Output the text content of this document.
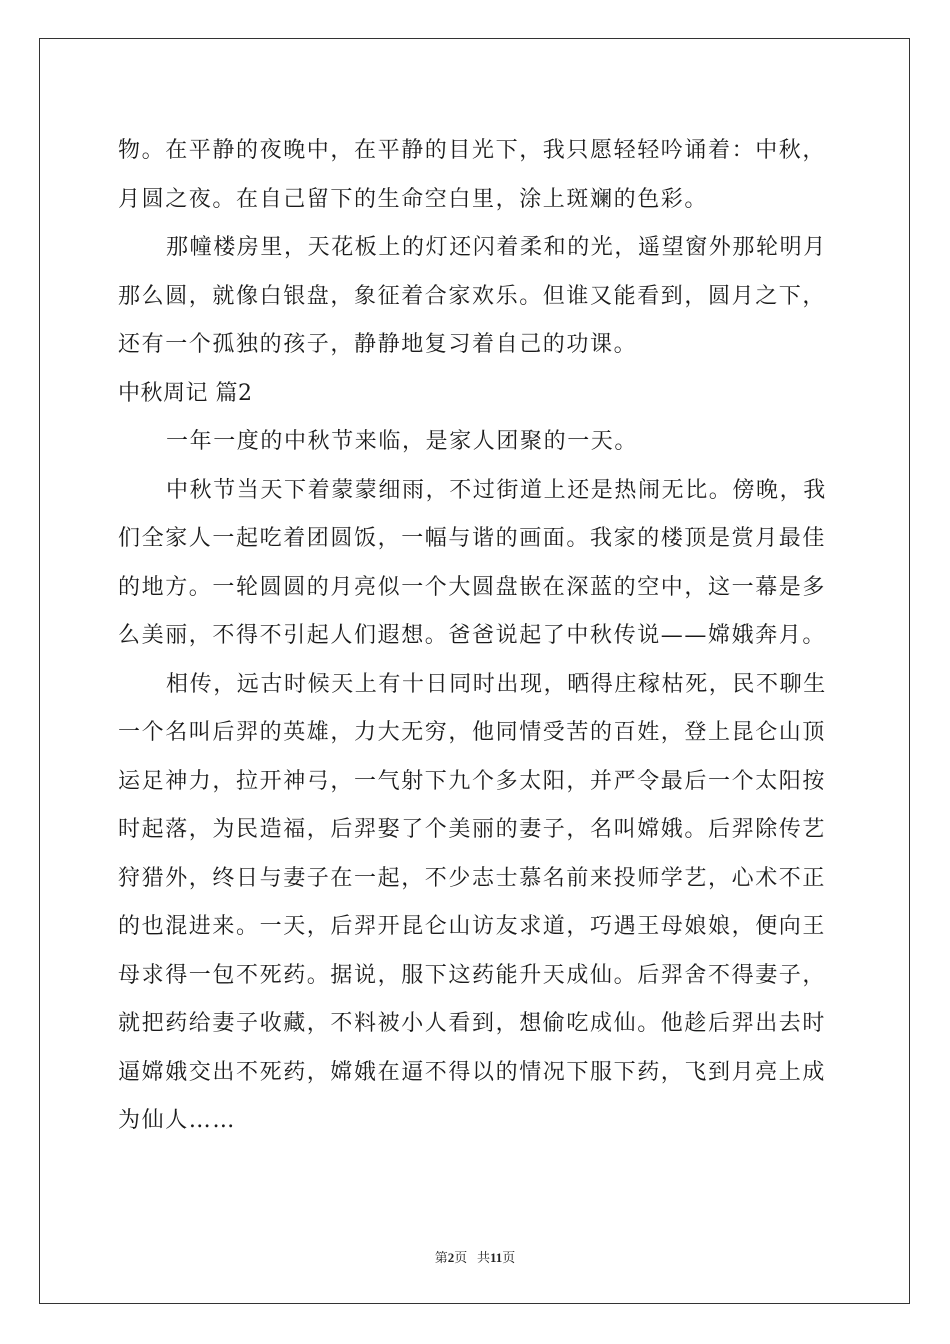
物。在平静的夜晚中，在平静的目光下，我只愿轻轻吟诵着：中秋，
月圆之夜。在自己留下的生命空白里，涂上斑斓的色彩。
那幢楼房里，天花板上的灯还闪着柔和的光，遥望窗外那轮明月
那么圆，就像白银盘，象征着合家欢乐。但谁又能看到，圆月之下，
还有一个孤独的孩子，静静地复习着自己的功课。
中秋周记 篇2
一年一度的中秋节来临，是家人团聚的一天。
中秋节当天下着蒙蒙细雨，不过街道上还是热闹无比。傍晚，我
们全家人一起吃着团圆饭，一幅与谐的画面。我家的楼顶是赏月最佳
的地方。一轮圆圆的月亮似一个大圆盘嵌在深蓝的空中，这一幕是多
么美丽，不得不引起人们遐想。爸爸说起了中秋传说——嫦娥奔月。
相传，远古时候天上有十日同时出现，晒得庄稼枯死，民不聊生
一个名叫后羿的英雄，力大无穷，他同情受苦的百姓，登上昆仑山顶
运足神力，拉开神弓，一气射下九个多太阳，并严令最后一个太阳按
时起落，为民造福，后羿娶了个美丽的妻子，名叫嫦娥。后羿除传艺
狩猎外，终日与妻子在一起，不少志士慕名前来投师学艺，心术不正
的也混进来。一天，后羿开昆仑山访友求道，巧遇王母娘娘，便向王
母求得一包不死药。据说，服下这药能升天成仙。后羿舍不得妻子，
就把药给妻子收藏，不料被小人看到，想偷吃成仙。他趁后羿出去时
逼嫦娥交出不死药，嫦娥在逼不得以的情况下服下药，飞到月亮上成
为仙人……
第2页 共11页
